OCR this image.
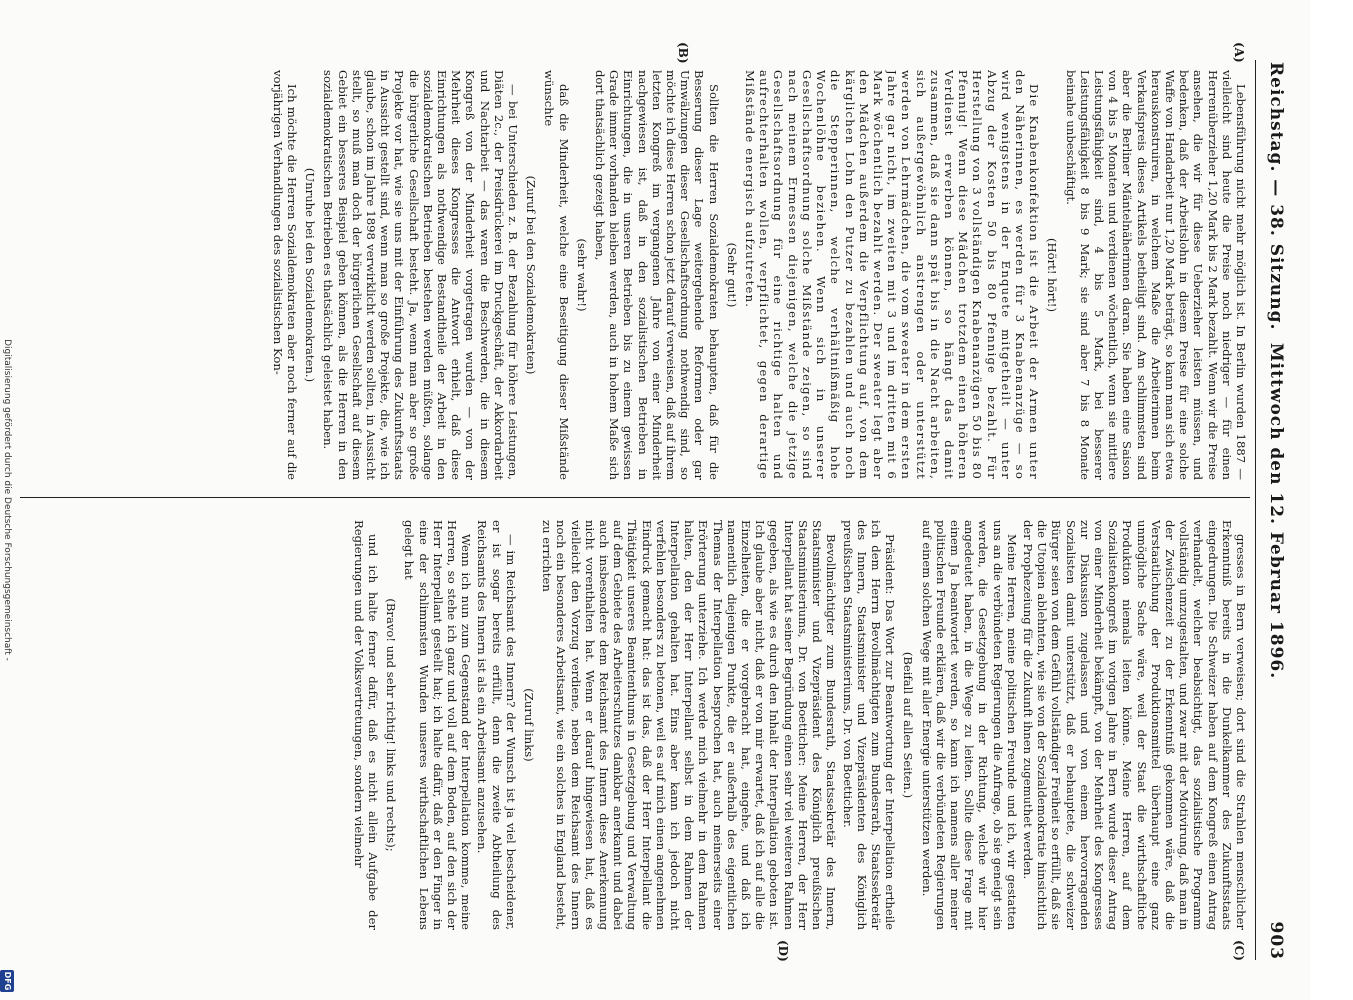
Reichstag. — 38. Sitzung.
Mittwoch den 12. Februar 1896.
903
(A)
(B)
(C)
(D)

Lebensführung nicht mehr möglich ist. In Berlin wurden 1887 — vielleicht sind heute die Preise noch niedriger — für einen Herrenüberzieher 1,20 Mark bis 2 Mark bezahlt. Wenn wir die Preise ansehen, die wir für diese Ueberzieher leisten müssen, und bedenken, daß der Arbeitslohn in diesem Preise für eine solche Waffe von Handarbeit nur 1,20 Mark beträgt, so kann man sich etwa herauskonstruiren, in welchem Maße die Arbeiterinnen beim Verkaufspreis dieses Artikels betheiligt sind. Am schlimmsten sind aber die Berliner Mäntelnäherinnen daran. Sie haben eine Saison von 4 bis 5 Monaten und verdienen wöchentlich, wenn sie mittlere Leistungsfähigkeit sind, 4 bis 5 Mark, bei besserer Leistungsfähigkeit 8 bis 9 Mark; sie sind aber 7 bis 8 Monate beinahe unbeschäftigt.

(Hört! hört!)

Die Knabenkonfektion ist die Arbeit der Armen unter den Näherinnen, es werden für 3 Knabenanzüge — so wird wenigstens in der Enquete mitgetheilt — unter Abzug der Kosten 50 bis 80 Pfennige bezahlt. Für Herstellung von 3 vollständigen Knabenanzügen 50 bis 80 Pfennig! Wenn diese Mädchen trotzdem einen höheren Verdienst erwerben können, so hängt das damit zusammen, daß sie dann spät bis in die Nacht arbeiten, sich außergewöhnlich anstrengen oder unterstützt werden von Lehrmädchen, die vom sweater in dem ersten Jahre gar nicht, im zweiten mit 3 und im dritten mit 6 Mark wöchentlich bezahlt werden. Der sweater legt aber den Mädchen außerdem die Verpflichtung auf, von dem kärglichen Lohn den Putzer zu bezahlen und auch noch die Stepperinnen, welche verhältnißmäßig hohe Wochenlöhne beziehen. Wenn sich in unserer Gesellschaftsordnung solche Mißstände zeigen, so sind nach meinem Ermessen diejenigen, welche die jetzige Gesellschaftsordnung für eine richtige halten und aufrechterhalten wollen, verpflichtet, gegen derartige Mißstände energisch aufzutreten.

(Sehr gut!)

Sollten die Herren Sozialdemokraten behaupten, daß für die Besserung dieser Lage weitergehende Reformen oder gar Umwälzungen dieser Gesellschaftsordnung nothwendig sind, so möchte ich diese Herren schon jetzt darauf verweisen, daß auf ihrem letzten Kongreß im vergangenen Jahre von einer Minderheit nachgewiesen ist, daß in den sozialistischen Betrieben in Einrichtungen, die in unseren Betrieben bis zu einem gewissen Grade immer vorhanden bleiben werden, auch in hohem Maße sich dort thatsächlich gezeigt haben,

(sehr wahr!)

daß die Minderheit, welche eine Beseitigung dieser Mißstände wünschte

(Zuruf bei den Sozialdemokraten)

— bei Unterschieden z. B. der Bezahlung für höhere Leistungen, Diäten 2c., der Preisdrückerei im Druckgeschäft, der Akkordarbeit und Nachtarbeit — das waren die Beschwerden, die in diesem Kongreß von der Minderheit vorgetragen wurden — von der Mehrheit dieses Kongresses die Antwort erhielt, daß diese Einrichtungen als nothwendige Bestandtheile der Arbeit in den sozialdemokratischen Betrieben bestehen werden müßten, solange die bürgerliche Gesellschaft besteht. Ja, wenn man aber so große Projekte vor hat, wie sie uns mit der Einführung des Zukunftsstaats in Aussicht gestellt sind, wenn man so große Projekte, die, wie ich glaube, schon im Jahre 1898 verwirklicht werden sollten, in Aussicht stellt, so muß man doch der bürgerlichen Gesellschaft auf diesem Gebiet ein besseres Beispiel geben können, als die Herren in den sozialdemokratischen Betrieben es thatsächlich geleistet haben.

(Unruhe bei den Sozialdemokraten.)

Ich möchte die Herren Sozialdemokraten aber noch ferner auf die vorjährigen Verhandlungen des sozialistischen Kon-

gresses in Bern verweisen; dort sind die Strahlen menschlicher Erkenntniß bereits in die Dunkelkammer des Zukunftsstaats eingedrungen. Die Schweizer haben auf dem Kongreß einen Antrag verhandelt, welcher beabsichtigt, das sozialistische Programm vollständig umzugestalten, und zwar mit der Motivirung, daß man in der Zwischenzeit zu der Erkenntniß gekommen wäre, daß die Verstaatlichung der Produktionsmittel überhaupt eine ganz unmögliche Sache wäre, weil der Staat die wirthschaftliche Produktion niemals leiten könne. Meine Herren, auf dem Sozialistenkongreß im vorigen Jahre in Bern wurde dieser Antrag von einer Minderheit bekämpft, von der Mehrheit des Kongresses zur Diskussion zugelassen und von einem hervorragenden Sozialisten damit unterstützt, daß er behauptete, die schweizer Bürger seien von dem Gefühl vollständiger Freiheit so erfüllt, daß sie die Utopien ablehnten, wie sie von der Sozialdemokratie hinsichtlich der Prophezeiung für die Zukunft ihnen zugemuthet werden.

Meine Herren, meine politischen Freunde und ich, wir gestatten uns an die verbündeten Regierungen die Anfrage, ob sie geneigt sein werden, die Gesetzgebung in der Richtung, welche wir hier angedeutet haben, in die Wege zu leiten. Sollte diese Frage mit einem Ja beantwortet werden, so kann ich namens aller meiner politischen Freunde erklären, daß wir die verbündeten Regierungen auf einem solchen Wege mit aller Energie unterstützen werden.

(Beifall auf allen Seiten.)

Präsident: Das Wort zur Beantwortung der Interpellation ertheile ich dem Herrn Bevollmächtigten zum Bundesrath, Staatssekretär des Innern, Staatsminister und Vizepräsidenten des Königlich preußischen Staatsministeriums, Dr. von Boetticher.

Bevollmächtigter zum Bundesrath, Staatssekretär des Innern, Staatsminister und Vizepräsident des Königlich preußischen Staatsministeriums, Dr. von Boetticher: Meine Herren, der Herr Interpellant hat seiner Begründung einen sehr viel weiteren Rahmen gegeben, als wie es durch den Inhalt der Interpellation geboten ist. Ich glaube aber nicht, daß er von mir erwartet, daß ich auf alle die Einzelheiten, die er vorgebracht hat, eingehe, und daß ich namentlich diejenigen Punkte, die er außerhalb des eigentlichen Themas der Interpellation besprochen hat, auch meinerseits einer Erörterung unterziehe. Ich werde mich vielmehr in dem Rahmen halten, den der Herr Interpellant selbst in dem Rahmen der Interpellation gehalten hat. Eins aber kann ich jedoch nicht verfehlen besonders zu betonen, weil es auf mich einen angenehmen Eindruck gemacht hat: das ist das, daß der Herr Interpellant die Thätigkeit unseres Beamtenthums in Gesetzgebung und Verwaltung auf dem Gebiete des Arbeiterschutzes dankbar anerkannt und dabei auch insbesondere dem Reichsamt des Innern diese Anerkennung nicht vorenthalten hat. Wenn er darauf hingewiesen hat, daß es vielleicht den Vorzug verdiene, neben dem Reichsamt des Innern noch ein besonderes Arbeitsamt, wie ein solches in England besteht, zu errichten

(Zuruf links)

— im Reichsamt des Innern? der Wunsch ist ja viel bescheidener, er ist sogar bereits erfüllt, denn die zweite Abtheilung des Reichsamts des Innern ist als ein Arbeitsamt anzusehen.

Wenn ich nun zum Gegenstand der Interpellation komme, meine Herren, so stehe ich ganz und voll auf dem Boden, auf den sich der Herr Interpellant gestellt hat; ich halte dafür, daß er den Finger in eine der schlimmsten Wunden unseres wirthschaftlichen Lebens gelegt hat

(Bravo! und sehr richtig! links und rechts);

und ich halte ferner dafür, daß es nicht allein Aufgabe der Regierungen und der Volksvertretungen, sondern vielmehr

Digitalisierung gefördert durch die Deutsche Forschungsgemeinschaft -
DFG
